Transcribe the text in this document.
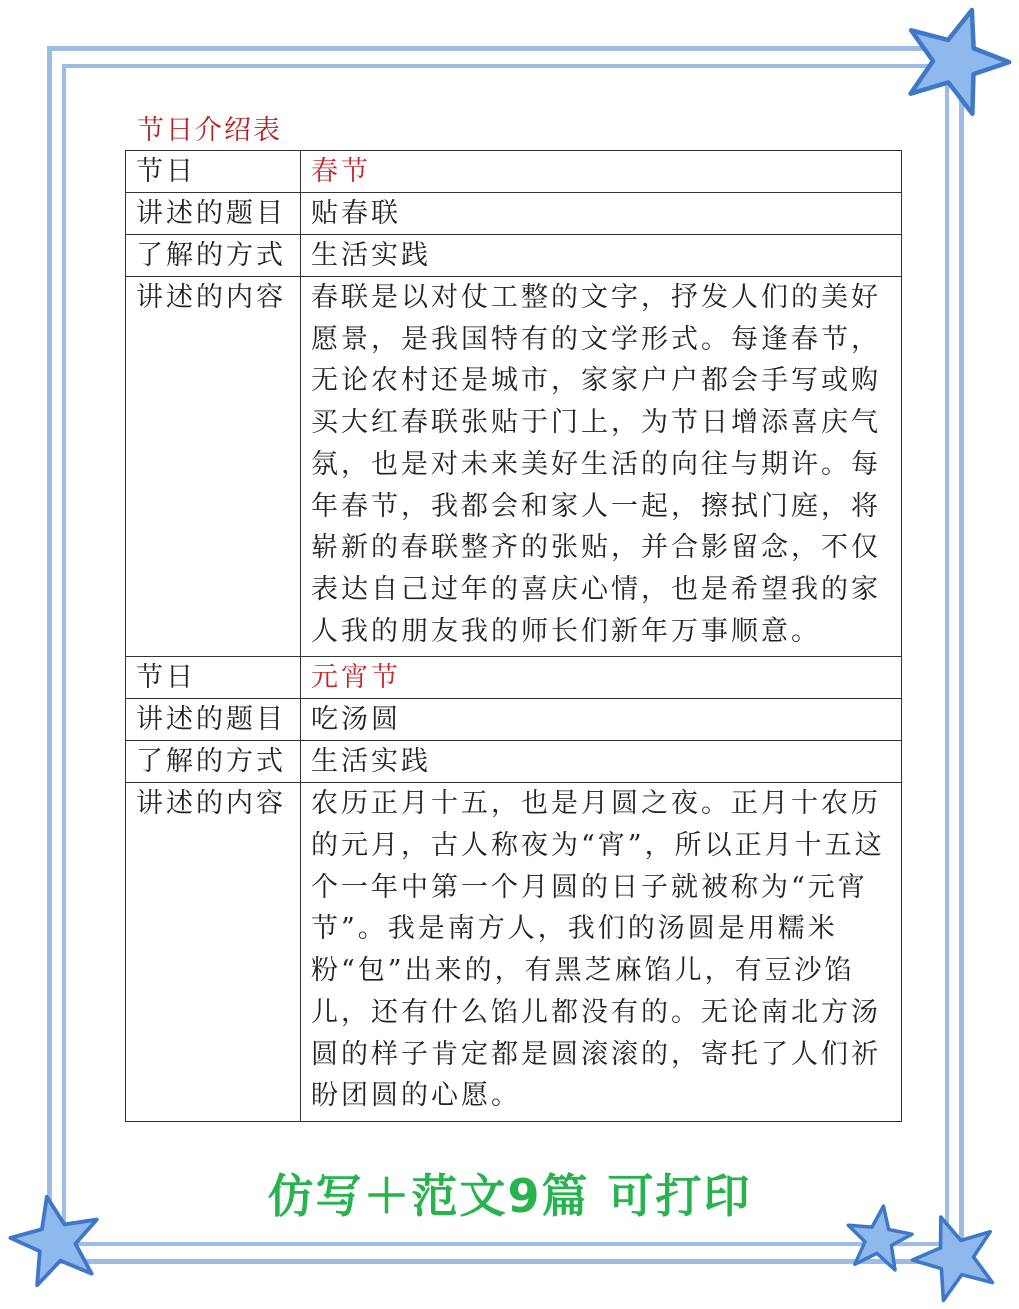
节日介绍表
节日	春节
讲述的题目	贴春联
了解的方式	生活实践
讲述的内容	春联是以对仗工整的文字，抒发人们的美好愿景，是我国特有的文学形式。每逢春节，无论农村还是城市，家家户户都会手写或购买大红春联张贴于门上，为节日增添喜庆气氛，也是对未来美好生活的向往与期许。每年春节，我都会和家人一起，擦拭门庭，将崭新的春联整齐的张贴，并合影留念，不仅表达自己过年的喜庆心情，也是希望我的家人我的朋友我的师长们新年万事顺意。
节日	元宵节
讲述的题目	吃汤圆
了解的方式	生活实践
讲述的内容	农历正月十五，也是月圆之夜。正月十农历的元月，古人称夜为“宵”，所以正月十五这个一年中第一个月圆的日子就被称为“元宵节”。我是南方人，我们的汤圆是用糯米粉“包”出来的，有黑芝麻馅儿，有豆沙馅儿，还有什么馅儿都没有的。无论南北方汤圆的样子肯定都是圆滚滚的，寄托了人们祈盼团圆的心愿。
仿写＋范文9篇 可打印
